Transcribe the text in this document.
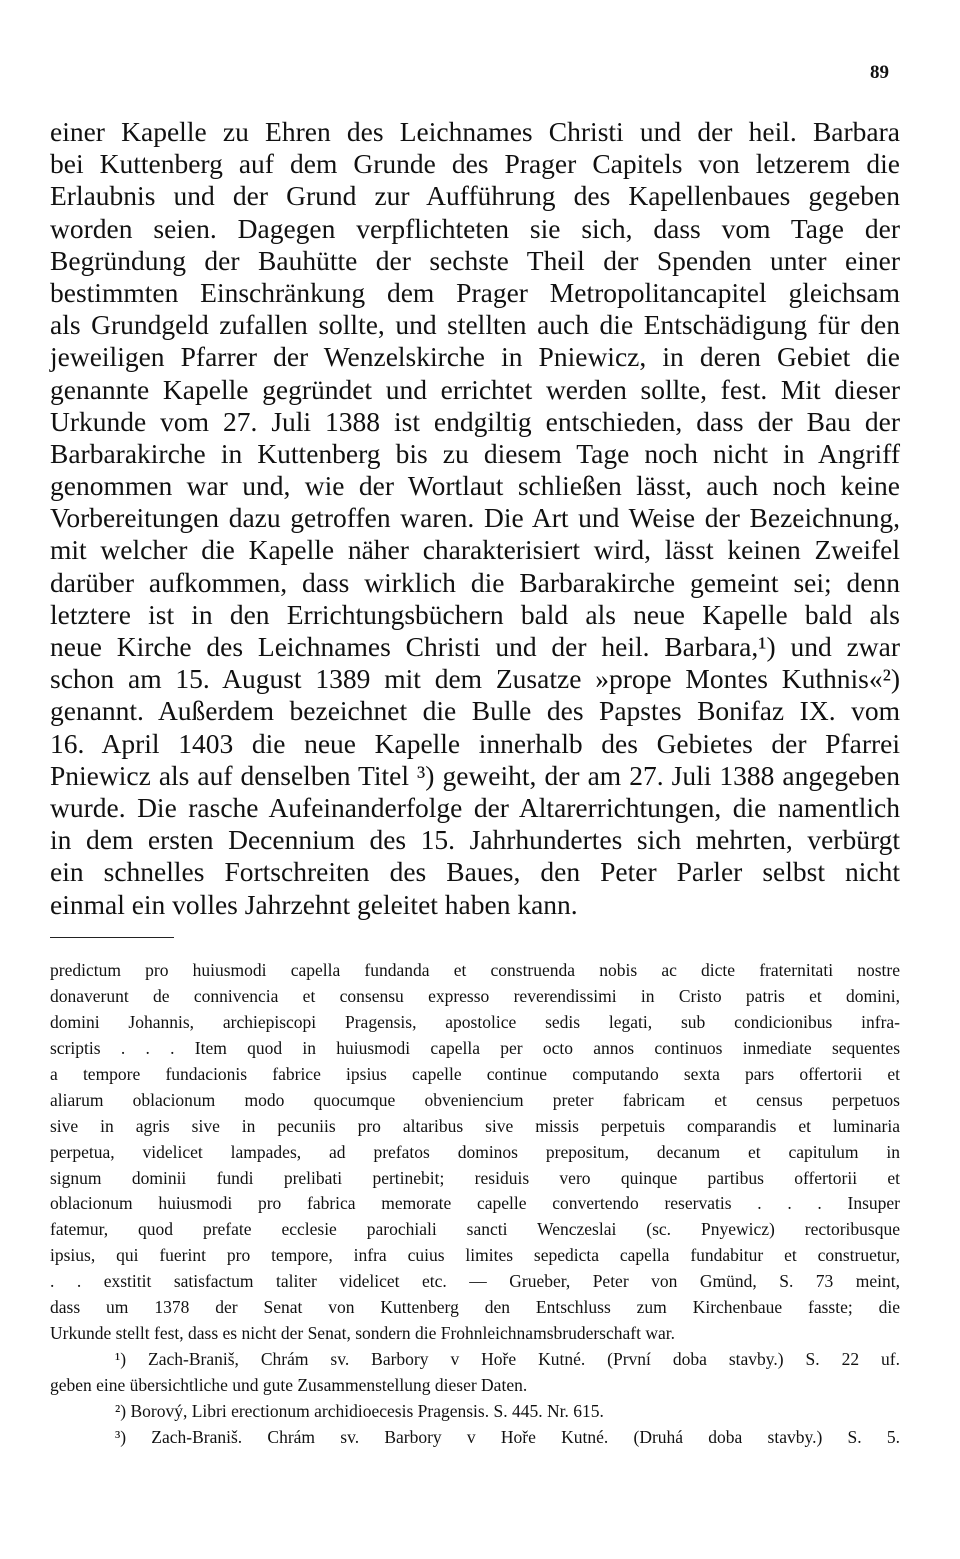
89
einer Kapelle zu Ehren des Leichnames Christi und der heil. Barbara
bei Kuttenberg auf dem Grunde des Prager Capitels von letzerem die
Erlaubnis und der Grund zur Aufführung des Kapellenbaues gegeben
worden seien. Dagegen verpflichteten sie sich, dass vom Tage der
Begründung der Bauhütte der sechste Theil der Spenden unter einer
bestimmten Einschränkung dem Prager Metropolitancapitel gleichsam
als Grundgeld zufallen sollte, und stellten auch die Entschädigung für den
jeweiligen Pfarrer der Wenzelskirche in Pniewicz, in deren Gebiet die
genannte Kapelle gegründet und errichtet werden sollte, fest. Mit dieser
Urkunde vom 27. Juli 1388 ist endgiltig entschieden, dass der Bau der
Barbarakirche in Kuttenberg bis zu diesem Tage noch nicht in Angriff
genommen war und, wie der Wortlaut schließen lässt, auch noch keine
Vorbereitungen dazu getroffen waren. Die Art und Weise der Bezeichnung,
mit welcher die Kapelle näher charakterisiert wird, lässt keinen Zweifel
darüber aufkommen, dass wirklich die Barbarakirche gemeint sei; denn
letztere ist in den Errichtungsbüchern bald als neue Kapelle bald als
neue Kirche des Leichnames Christi und der heil. Barbara,¹) und zwar
schon am 15. August 1389 mit dem Zusatze »prope Montes Kuthnis«²)
genannt. Außerdem bezeichnet die Bulle des Papstes Bonifaz IX. vom
16. April 1403 die neue Kapelle innerhalb des Gebietes der Pfarrei
Pniewicz als auf denselben Titel ³) geweiht, der am 27. Juli 1388 angegeben
wurde. Die rasche Aufeinanderfolge der Altarerrichtungen, die namentlich
in dem ersten Decennium des 15. Jahrhundertes sich mehrten, verbürgt
ein schnelles Fortschreiten des Baues, den Peter Parler selbst nicht
einmal ein volles Jahrzehnt geleitet haben kann.
predictum pro huiusmodi capella fundanda et construenda nobis ac dicte fraternitati nostre
donaverunt de connivencia et consensu expresso reverendissimi in Cristo patris et domini,
domini Johannis, archiepiscopi Pragensis, apostolice sedis legati, sub condicionibus infra-
scriptis . . . Item quod in huiusmodi capella per octo annos continuos inmediate sequentes
a tempore fundacionis fabrice ipsius capelle continue computando sexta pars offertorii et
aliarum oblacionum modo quocumque obveniencium preter fabricam et census perpetuos
sive in agris sive in pecuniis pro altaribus sive missis perpetuis comparandis et luminaria
perpetua, videlicet lampades, ad prefatos dominos prepositum, decanum et capitulum in
signum dominii fundi prelibati pertinebit; residuis vero quinque partibus offertorii et
oblacionum huiusmodi pro fabrica memorate capelle convertendo reservatis . . . Insuper
fatemur, quod prefate ecclesie parochiali sancti Wenczeslai (sc. Pnyewicz) rectoribusque
ipsius, qui fuerint pro tempore, infra cuius limites sepedicta capella fundabitur et construetur,
. . exstitit satisfactum taliter videlicet etc. — Grueber, Peter von Gmünd, S. 73 meint,
dass um 1378 der Senat von Kuttenberg den Entschluss zum Kirchenbaue fasste; die
Urkunde stellt fest, dass es nicht der Senat, sondern die Frohnleichnamsbruderschaft war.
¹) Zach-Braniš, Chrám sv. Barbory v Hoře Kutné. (První doba stavby.) S. 22 uf.
geben eine übersichtliche und gute Zusammenstellung dieser Daten.
²) Borový, Libri erectionum archidioecesis Pragensis. S. 445. Nr. 615.
³) Zach-Braniš. Chrám sv. Barbory v Hoře Kutné. (Druhá doba stavby.) S. 5.
